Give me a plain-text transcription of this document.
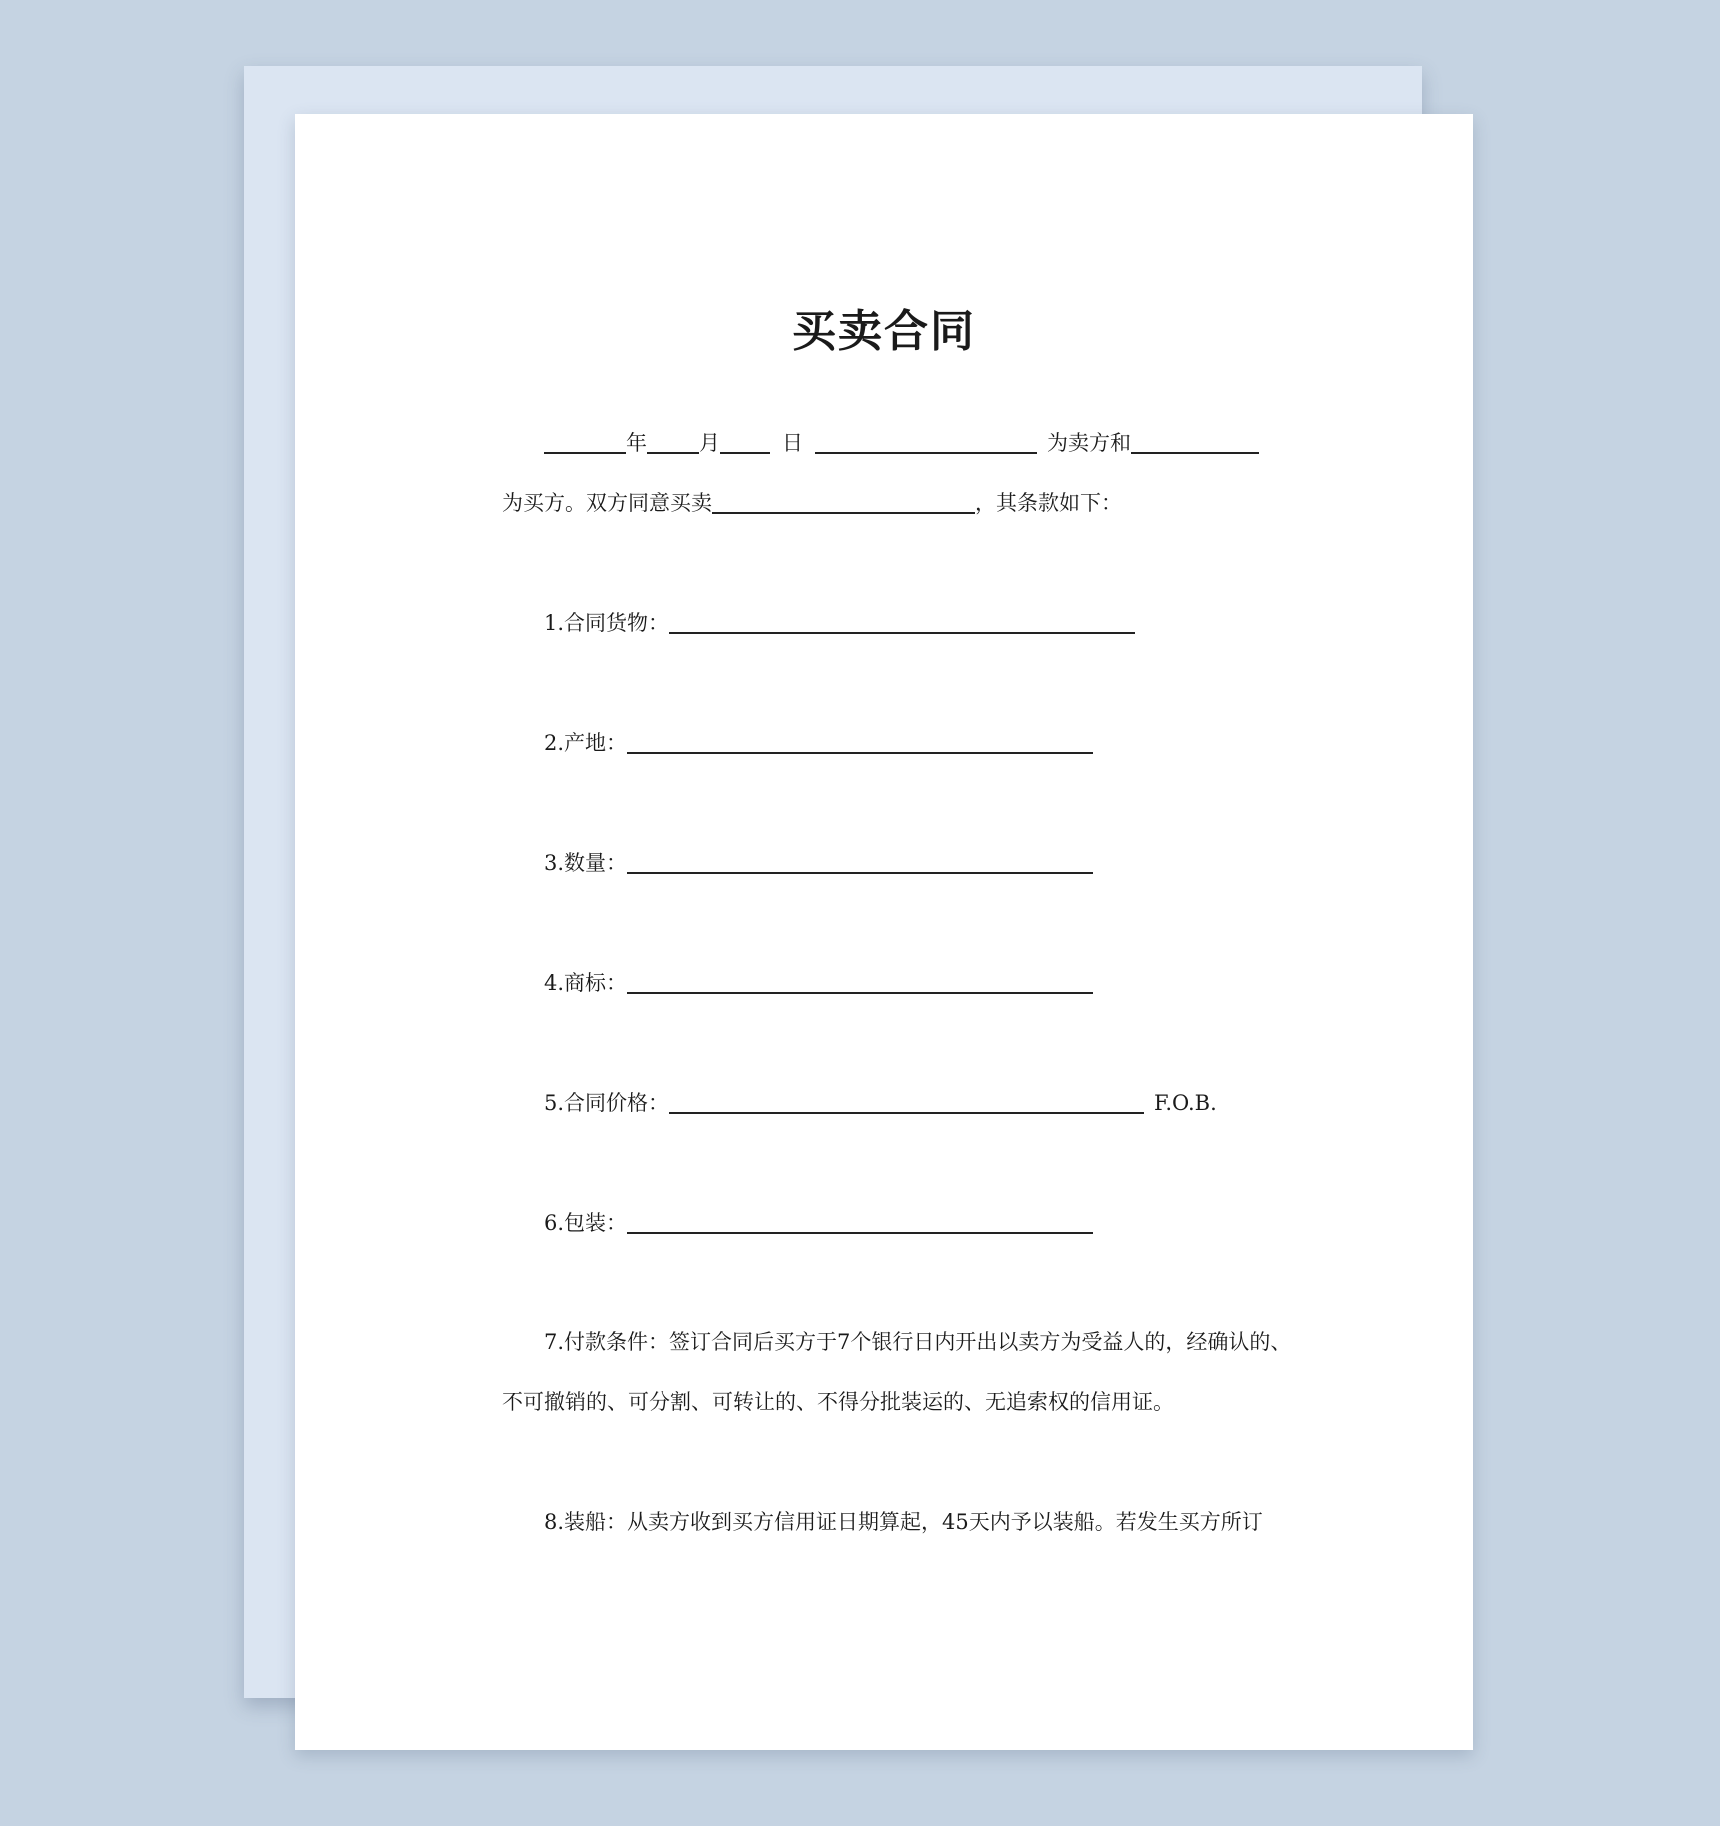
买卖合同
年 月	日	为卖方和
为买方。双方同意买卖	，其条款如下：
1.合同货物：
2.产地：
3.数量：
4.商标：
5.合同价格：	F.O.B.
6.包装：
7.付款条件：签订合同后买方于7个银行日内开出以卖方为受益人的，经确认的、
不可撤销的、可分割、可转让的、不得分批装运的、无追索权的信用证。
8.装船：从卖方收到买方信用证日期算起，45天内予以装船。若发生买方所订
